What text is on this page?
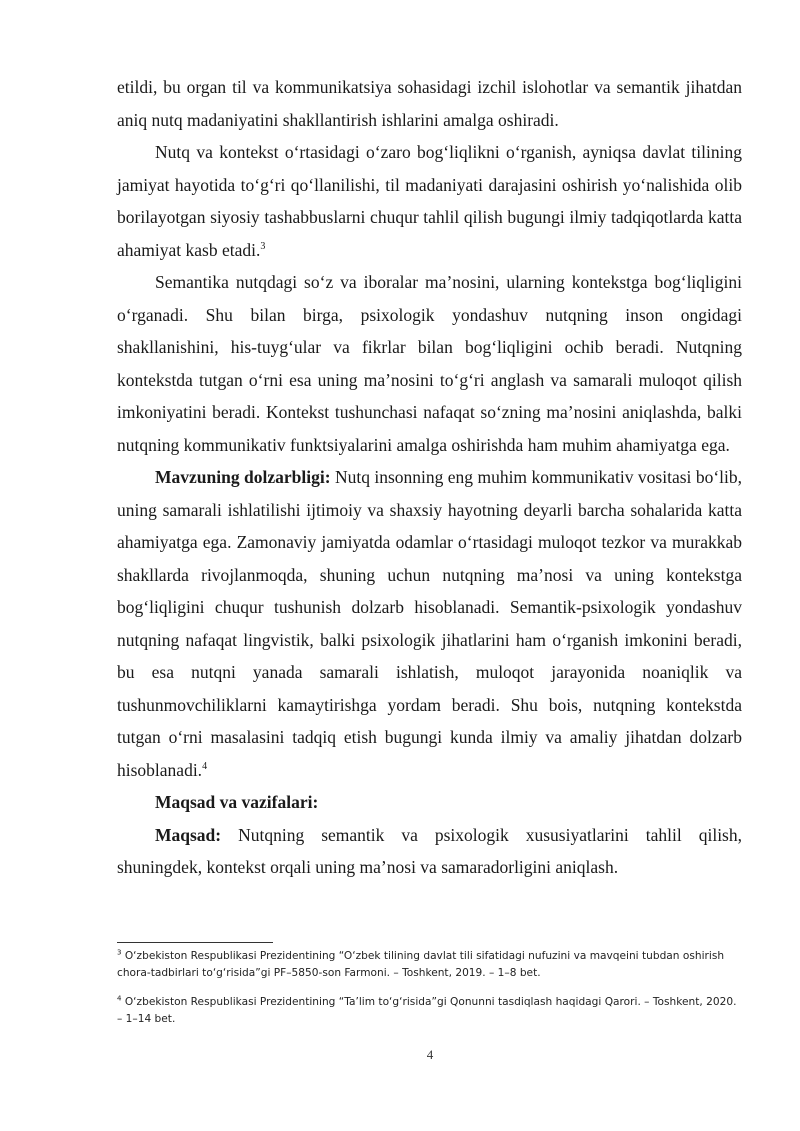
etildi, bu organ til va kommunikatsiya sohasidagi izchil islohotlar va semantik jihatdan aniq nutq madaniyatini shakllantirish ishlarini amalga oshiradi.

Nutq va kontekst o‘rtasidagi o‘zaro bog‘liqlikni o‘rganish, ayniqsa davlat tilining jamiyat hayotida to‘g‘ri qo‘llanilishi, til madaniyati darajasini oshirish yo‘nalishida olib borilayotgan siyosiy tashabbuslarni chuqur tahlil qilish bugungi ilmiy tadqiqotlarda katta ahamiyat kasb etadi.$^3$

Semantika nutqdagi so‘z va iboralar ma’nosini, ularning kontekstga bog‘liqligini o‘rganadi. Shu bilan birga, psixologik yondashuv nutqning inson ongidagi shakllanishini, his-tuyg‘ular va fikrlar bilan bog‘liqligini ochib beradi. Nutqning kontekstda tutgan o‘rni esa uning ma’nosini to‘g‘ri anglash va samarali muloqot qilish imkoniyatini beradi. Kontekst tushunchasi nafaqat so‘zning ma’nosini aniqlashda, balki nutqning kommunikativ funktsiyalarini amalga oshirishda ham muhim ahamiyatga ega.

Mavzuning dolzarbligi: Nutq insonning eng muhim kommunikativ vositasi bo‘lib, uning samarali ishlatilishi ijtimoiy va shaxsiy hayotning deyarli barcha sohalarida katta ahamiyatga ega. Zamonaviy jamiyatda odamlar o‘rtasidagi muloqot tezkor va murakkab shakllarda rivojlanmoqda, shuning uchun nutqning ma’nosi va uning kontekstga bog‘liqligini chuqur tushunish dolzarb hisoblanadi. Semantik-psixologik yondashuv nutqning nafaqat lingvistik, balki psixologik jihatlarini ham o‘rganish imkonini beradi, bu esa nutqni yanada samarali ishlatish, muloqot jarayonida noaniqlik va tushunmovchiliklarni kamaytirishga yordam beradi. Shu bois, nutqning kontekstda tutgan o‘rni masalasini tadqiq etish bugungi kunda ilmiy va amaliy jihatdan dolzarb hisoblanadi.$^4$

Maqsad va vazifalari:

Maqsad: Nutqning semantik va psixologik xususiyatlarini tahlil qilish, shuningdek, kontekst orqali uning ma’nosi va samaradorligini aniqlash.

$^3$ O‘zbekiston Respublikasi Prezidentining “O‘zbek tilining davlat tili sifatidagi nufuzini va mavqeini tubdan oshirish chora-tadbirlari to‘g‘risida”gi PF–5850-son Farmoni. – Toshkent, 2019. – 1–8 bet.

$^4$ O‘zbekiston Respublikasi Prezidentining “Ta’lim to‘g‘risida”gi Qonunni tasdiqlash haqidagi Qarori. – Toshkent, 2020. – 1–14 bet.

4
